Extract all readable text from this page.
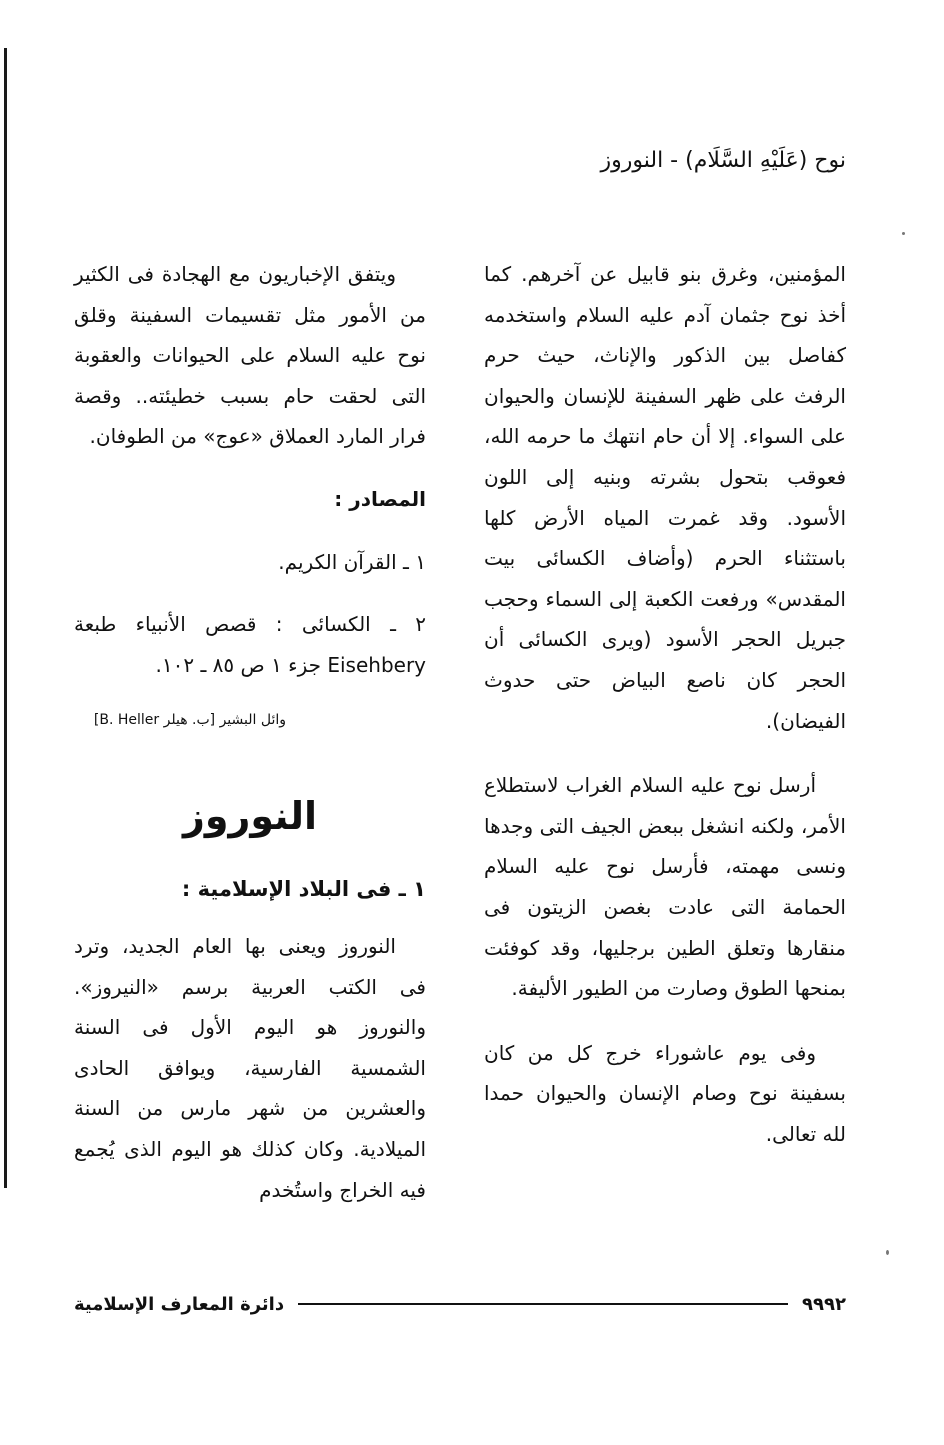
نوح (عَلَيْهِ السَّلَام) - النوروز

المؤمنين، وغرق بنو قابيل عن آخرهم. كما أخذ نوح جثمان آدم عليه السلام واستخدمه كفاصل بين الذكور والإناث، حيث حرم الرفث على ظهر السفينة للإنسان والحيوان على السواء. إلا أن حام انتهك ما حرمه الله، فعوقب بتحول بشرته وبنيه إلى اللون الأسود. وقد غمرت المياه الأرض كلها باستثناء الحرم (وأضاف الكسائى بيت المقدس» ورفعت الكعبة إلى السماء وحجب جبريل الحجر الأسود (ويرى الكسائى أن الحجر كان ناصع البياض حتى حدوث الفيضان).

أرسل نوح عليه السلام الغراب لاستطلاع الأمر، ولكنه انشغل ببعض الجيف التى وجدها ونسى مهمته، فأرسل نوح عليه السلام الحمامة التى عادت بغصن الزيتون فى منقارها وتعلق الطين برجليها، وقد كوفئت بمنحها الطوق وصارت من الطيور الأليفة.

وفى يوم عاشوراء خرج كل من كان بسفينة نوح وصام الإنسان والحيوان حمدا لله تعالى.

ويتفق الإخباريون مع الهجادة فى الكثير من الأمور مثل تقسيمات السفينة وقلق نوح عليه السلام على الحيوانات والعقوبة التى لحقت حام بسبب خطيئته.. وقصة فرار المارد العملاق «عوج» من الطوفان.

المصادر :

١ ـ القرآن الكريم.

٢ ـ الكسائى : قصص الأنبياء طبعة Eisehbery جزء ١ ص ٨٥ ـ ١٠٢.

وائل البشير [ب. هيلر B. Heller]

النوروز

١ ـ فى البلاد الإسلامية :

النوروز ويعنى بها العام الجديد، وترد فى الكتب العربية برسم «النيروز». والنوروز هو اليوم الأول فى السنة الشمسية الفارسية، ويوافق الحادى والعشرين من شهر مارس من السنة الميلادية. وكان كذلك هو اليوم الذى يُجمع فيه الخراج واستُخدم

دائرة المعارف الإسلامية	٩٩٩٢
